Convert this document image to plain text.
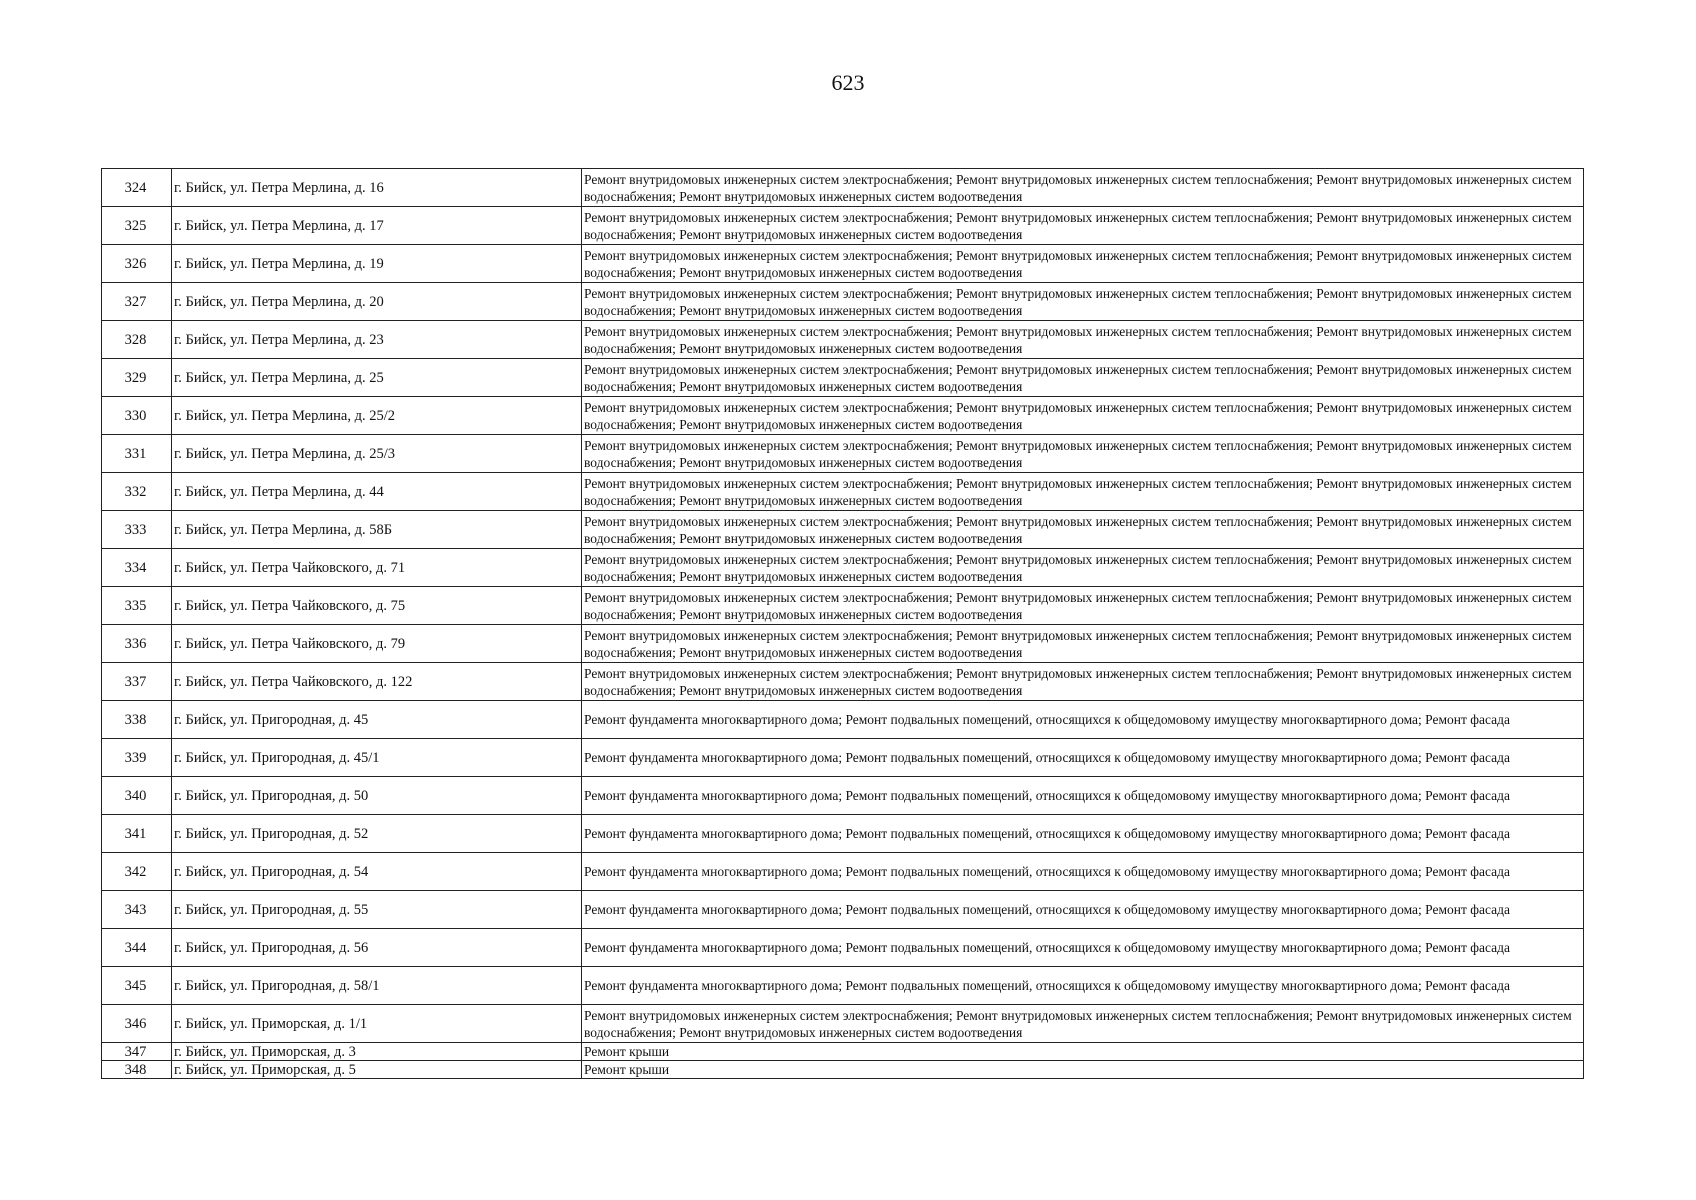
623
324	г. Бийск, ул. Петра Мерлина, д. 16	Ремонт внутридомовых инженерных систем электроснабжения; Ремонт внутридомовых инженерных систем теплоснабжения; Ремонт внутридомовых инженерных систем водоснабжения; Ремонт внутридомовых инженерных систем водоотведения
325	г. Бийск, ул. Петра Мерлина, д. 17	Ремонт внутридомовых инженерных систем электроснабжения; Ремонт внутридомовых инженерных систем теплоснабжения; Ремонт внутридомовых инженерных систем водоснабжения; Ремонт внутридомовых инженерных систем водоотведения
326	г. Бийск, ул. Петра Мерлина, д. 19	Ремонт внутридомовых инженерных систем электроснабжения; Ремонт внутридомовых инженерных систем теплоснабжения; Ремонт внутридомовых инженерных систем водоснабжения; Ремонт внутридомовых инженерных систем водоотведения
327	г. Бийск, ул. Петра Мерлина, д. 20	Ремонт внутридомовых инженерных систем электроснабжения; Ремонт внутридомовых инженерных систем теплоснабжения; Ремонт внутридомовых инженерных систем водоснабжения; Ремонт внутридомовых инженерных систем водоотведения
328	г. Бийск, ул. Петра Мерлина, д. 23	Ремонт внутридомовых инженерных систем электроснабжения; Ремонт внутридомовых инженерных систем теплоснабжения; Ремонт внутридомовых инженерных систем водоснабжения; Ремонт внутридомовых инженерных систем водоотведения
329	г. Бийск, ул. Петра Мерлина, д. 25	Ремонт внутридомовых инженерных систем электроснабжения; Ремонт внутридомовых инженерных систем теплоснабжения; Ремонт внутридомовых инженерных систем водоснабжения; Ремонт внутридомовых инженерных систем водоотведения
330	г. Бийск, ул. Петра Мерлина, д. 25/2	Ремонт внутридомовых инженерных систем электроснабжения; Ремонт внутридомовых инженерных систем теплоснабжения; Ремонт внутридомовых инженерных систем водоснабжения; Ремонт внутридомовых инженерных систем водоотведения
331	г. Бийск, ул. Петра Мерлина, д. 25/3	Ремонт внутридомовых инженерных систем электроснабжения; Ремонт внутридомовых инженерных систем теплоснабжения; Ремонт внутридомовых инженерных систем водоснабжения; Ремонт внутридомовых инженерных систем водоотведения
332	г. Бийск, ул. Петра Мерлина, д. 44	Ремонт внутридомовых инженерных систем электроснабжения; Ремонт внутридомовых инженерных систем теплоснабжения; Ремонт внутридомовых инженерных систем водоснабжения; Ремонт внутридомовых инженерных систем водоотведения
333	г. Бийск, ул. Петра Мерлина, д. 58Б	Ремонт внутридомовых инженерных систем электроснабжения; Ремонт внутридомовых инженерных систем теплоснабжения; Ремонт внутридомовых инженерных систем водоснабжения; Ремонт внутридомовых инженерных систем водоотведения
334	г. Бийск, ул. Петра Чайковского, д. 71	Ремонт внутридомовых инженерных систем электроснабжения; Ремонт внутридомовых инженерных систем теплоснабжения; Ремонт внутридомовых инженерных систем водоснабжения; Ремонт внутридомовых инженерных систем водоотведения
335	г. Бийск, ул. Петра Чайковского, д. 75	Ремонт внутридомовых инженерных систем электроснабжения; Ремонт внутридомовых инженерных систем теплоснабжения; Ремонт внутридомовых инженерных систем водоснабжения; Ремонт внутридомовых инженерных систем водоотведения
336	г. Бийск, ул. Петра Чайковского, д. 79	Ремонт внутридомовых инженерных систем электроснабжения; Ремонт внутридомовых инженерных систем теплоснабжения; Ремонт внутридомовых инженерных систем водоснабжения; Ремонт внутридомовых инженерных систем водоотведения
337	г. Бийск, ул. Петра Чайковского, д. 122	Ремонт внутридомовых инженерных систем электроснабжения; Ремонт внутридомовых инженерных систем теплоснабжения; Ремонт внутридомовых инженерных систем водоснабжения; Ремонт внутридомовых инженерных систем водоотведения
338	г. Бийск, ул. Пригородная, д. 45	Ремонт фундамента многоквартирного дома; Ремонт подвальных помещений, относящихся к общедомовому имуществу многоквартирного дома; Ремонт фасада
339	г. Бийск, ул. Пригородная, д. 45/1	Ремонт фундамента многоквартирного дома; Ремонт подвальных помещений, относящихся к общедомовому имуществу многоквартирного дома; Ремонт фасада
340	г. Бийск, ул. Пригородная, д. 50	Ремонт фундамента многоквартирного дома; Ремонт подвальных помещений, относящихся к общедомовому имуществу многоквартирного дома; Ремонт фасада
341	г. Бийск, ул. Пригородная, д. 52	Ремонт фундамента многоквартирного дома; Ремонт подвальных помещений, относящихся к общедомовому имуществу многоквартирного дома; Ремонт фасада
342	г. Бийск, ул. Пригородная, д. 54	Ремонт фундамента многоквартирного дома; Ремонт подвальных помещений, относящихся к общедомовому имуществу многоквартирного дома; Ремонт фасада
343	г. Бийск, ул. Пригородная, д. 55	Ремонт фундамента многоквартирного дома; Ремонт подвальных помещений, относящихся к общедомовому имуществу многоквартирного дома; Ремонт фасада
344	г. Бийск, ул. Пригородная, д. 56	Ремонт фундамента многоквартирного дома; Ремонт подвальных помещений, относящихся к общедомовому имуществу многоквартирного дома; Ремонт фасада
345	г. Бийск, ул. Пригородная, д. 58/1	Ремонт фундамента многоквартирного дома; Ремонт подвальных помещений, относящихся к общедомовому имуществу многоквартирного дома; Ремонт фасада
346	г. Бийск, ул. Приморская, д. 1/1	Ремонт внутридомовых инженерных систем электроснабжения; Ремонт внутридомовых инженерных систем теплоснабжения; Ремонт внутридомовых инженерных систем водоснабжения; Ремонт внутридомовых инженерных систем водоотведения
347	г. Бийск, ул. Приморская, д. 3	Ремонт крыши
348	г. Бийск, ул. Приморская, д. 5	Ремонт крыши
